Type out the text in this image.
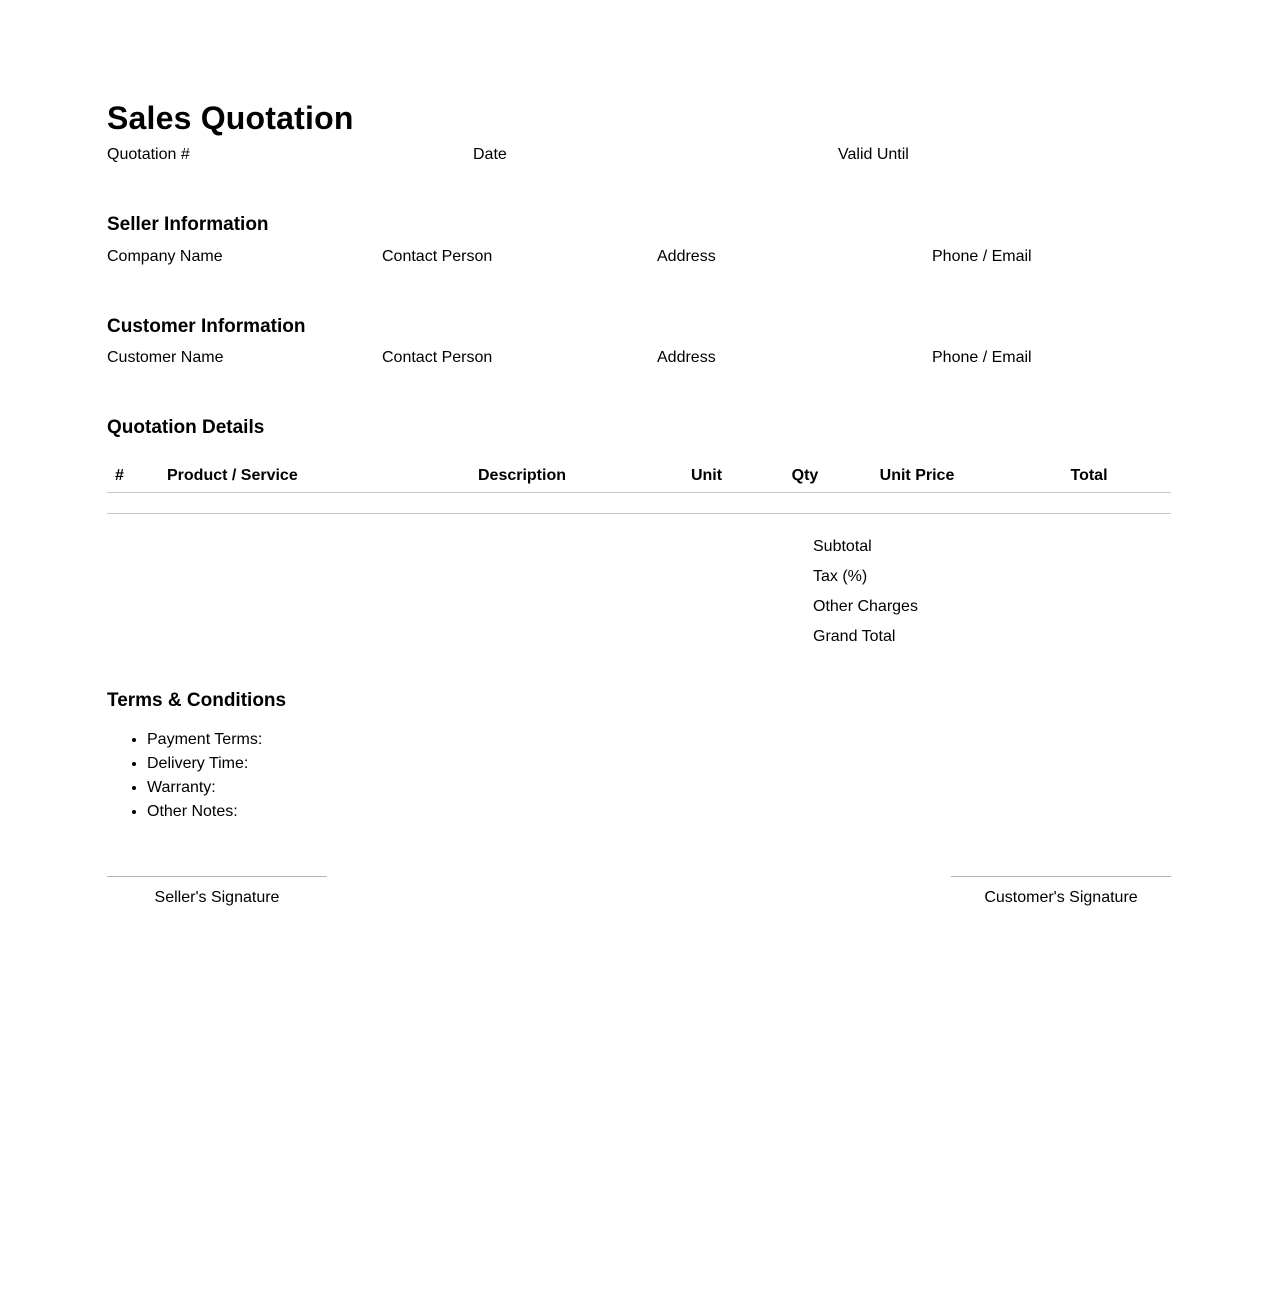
Sales Quotation
Quotation #	Date	Valid Until
Seller Information
Company Name	Contact Person	Address	Phone / Email
Customer Information
Customer Name	Contact Person	Address	Phone / Email
Quotation Details
#	Product / Service	Description	Unit	Qty	Unit Price	Total

Subtotal
Tax (%)
Other Charges
Grand Total
Terms & Conditions
• Payment Terms:
• Delivery Time:
• Warranty:
• Other Notes:
Seller's Signature	Customer's Signature
